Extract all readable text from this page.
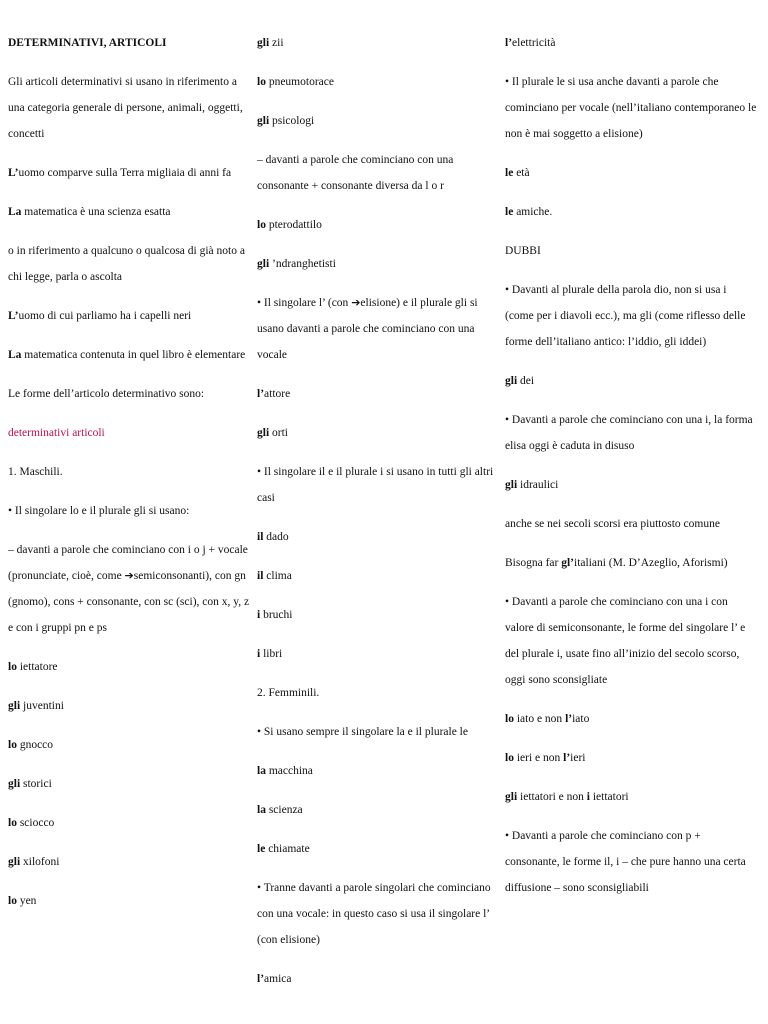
DETERMINATIVI, ARTICOLI
Gli articoli determinativi si usano in riferimento a una categoria generale di persone, animali, oggetti, concetti
L’uomo comparve sulla Terra migliaia di anni fa
La matematica è una scienza esatta
o in riferimento a qualcuno o qualcosa di già noto a chi legge, parla o ascolta
L’uomo di cui parliamo ha i capelli neri
La matematica contenuta in quel libro è elementare
Le forme dell’articolo determinativo sono:
determinativi articoli
1. Maschili.
• Il singolare lo e il plurale gli si usano:
– davanti a parole che cominciano con i o j + vocale (pronunciate, cioè, come ➔semiconsonanti), con gn (gnomo), cons + consonante, con sc (sci), con x, y, z e con i gruppi pn e ps
lo iettatore
gli juventini
lo gnocco
gli storici
lo sciocco
gli xilofoni
lo yen
gli zii
lo pneumotorace
gli psicologi
– davanti a parole che cominciano con una consonante + consonante diversa da l o r
lo pterodattilo
gli ’ndranghetisti
• Il singolare l’ (con ➔elisione) e il plurale gli si usano davanti a parole che cominciano con una vocale
l’attore
gli orti
• Il singolare il e il plurale i si usano in tutti gli altri casi
il dado
il clima
i bruchi
i libri
2. Femminili.
• Si usano sempre il singolare la e il plurale le
la macchina
la scienza
le chiamate
• Tranne davanti a parole singolari che cominciano con una vocale: in questo caso si usa il singolare l’ (con elisione)
l’amica
l’elettricità
• Il plurale le si usa anche davanti a parole che cominciano per vocale (nell’italiano contemporaneo le non è mai soggetto a elisione)
le età
le amiche.
DUBBI
• Davanti al plurale della parola dio, non si usa i (come per i diavoli ecc.), ma gli (come riflesso delle forme dell’italiano antico: l’iddio, gli iddei)
gli dei
• Davanti a parole che cominciano con una i, la forma elisa oggi è caduta in disuso
gli idraulici
anche se nei secoli scorsi era piuttosto comune
Bisogna far gl’italiani (M. D’Azeglio, Aforismi)
• Davanti a parole che cominciano con una i con valore di semiconsonante, le forme del singolare l’ e del plurale i, usate fino all’inizio del secolo scorso, oggi sono sconsigliate
lo iato e non l’iato
lo ieri e non l’ieri
gli iettatori e non i iettatori
• Davanti a parole che cominciano con p + consonante, le forme il, i – che pure hanno una certa diffusione – sono sconsigliabili
